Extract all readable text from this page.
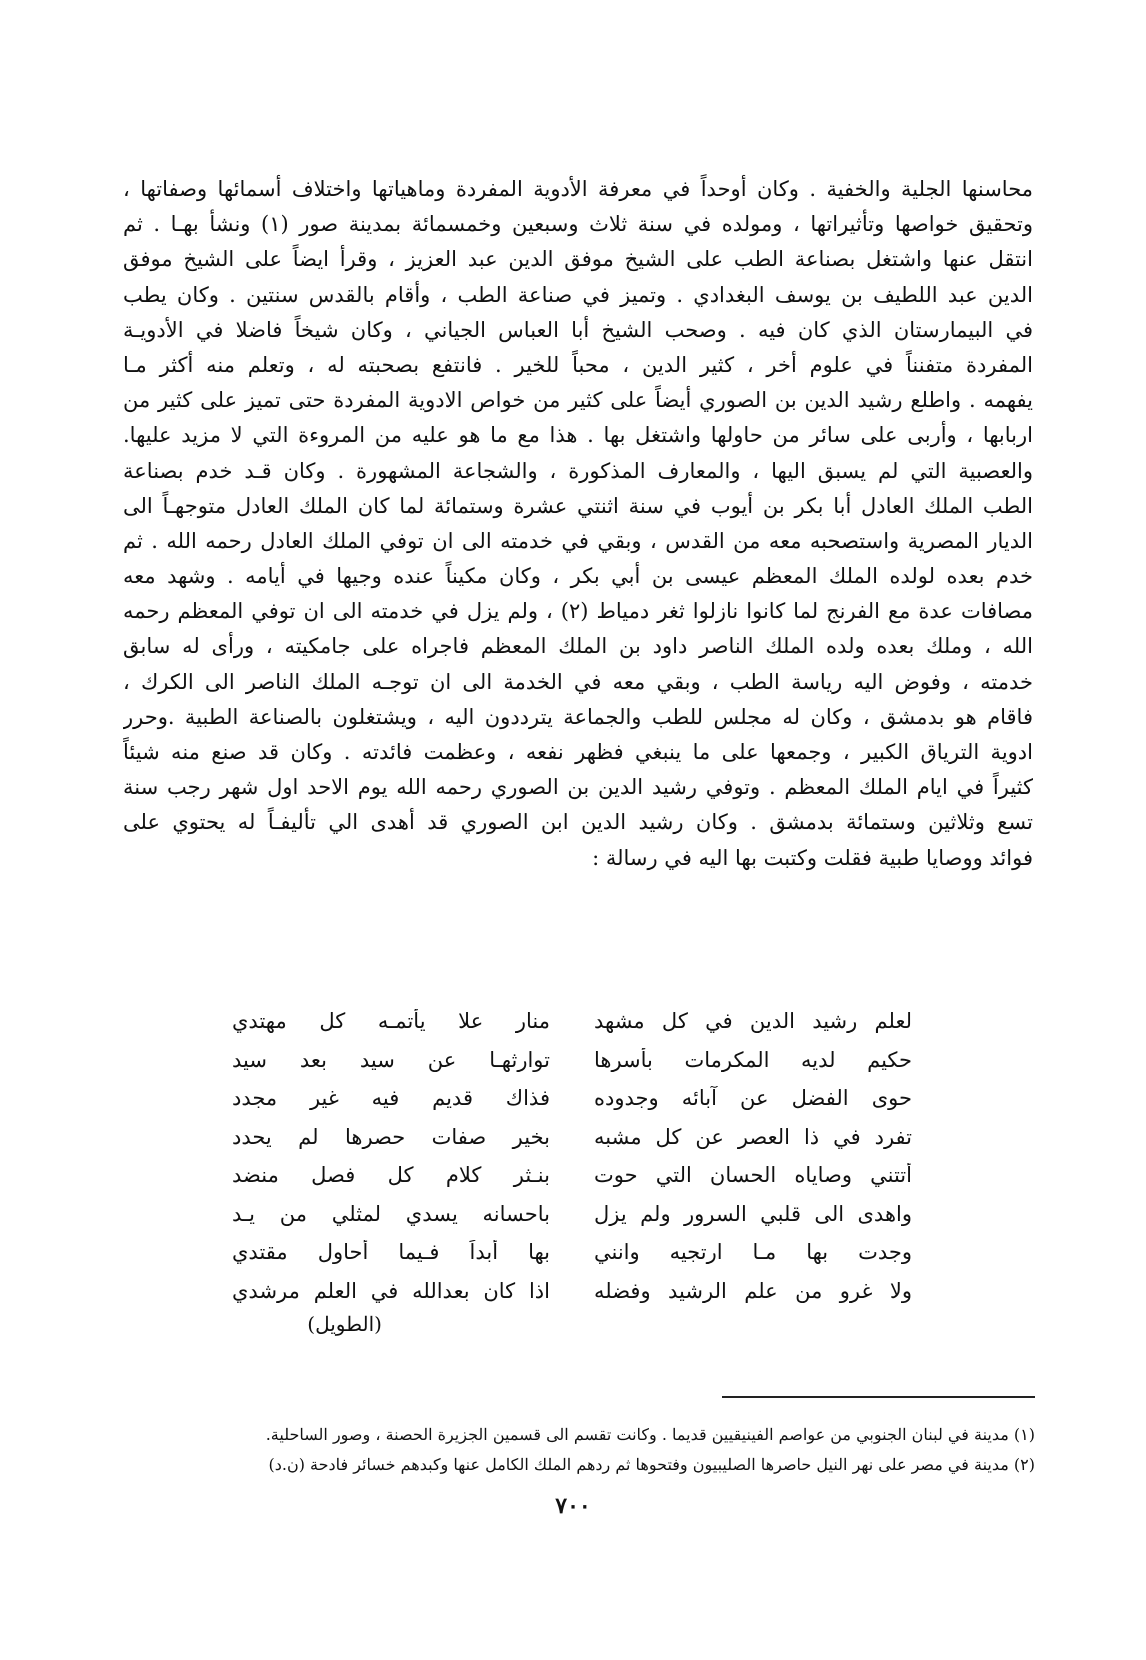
محاسنها الجلية والخفية . وكان أوحداً في معرفة الأدوية المفردة وماهياتها واختلاف أسمائها وصفاتها ،
وتحقيق خواصها وتأثيراتها ، ومولده في سنة ثلاث وسبعين وخمسمائة بمدينة صور (١) ونشأ بهـا . ثم
انتقل عنها واشتغل بصناعة الطب على الشيخ موفق الدين عبد العزيز ، وقرأ ايضاً على الشيخ موفق
الدين عبد اللطيف بن يوسف البغدادي . وتميز في صناعة الطب ، وأقام بالقدس سنتين . وكان يطب
في البيمارستان الذي كان فيه . وصحب الشيخ أبا العباس الجياني ، وكان شيخاً فاضلا في الأدويـة
المفردة متفنناً في علوم أخر ، كثير الدين ، محباً للخير . فانتفع بصحبته له ، وتعلم منه أكثر مـا
يفهمه . واطلع رشيد الدين بن الصوري أيضاً على كثير من خواص الادوية المفردة حتى تميز على كثير من
اربابها ، وأربى على سائر من حاولها واشتغل بها . هذا مع ما هو عليه من المروءة التي لا مزيد عليها.
والعصبية التي لم يسبق اليها ، والمعارف المذكورة ، والشجاعة المشهورة . وكان قـد خدم بصناعة
الطب الملك العادل أبا بكر بن أيوب في سنة اثنتي عشرة وستمائة لما كان الملك العادل متوجهـاً الى
الديار المصرية واستصحبه معه من القدس ، وبقي في خدمته الى ان توفي الملك العادل رحمه الله . ثم
خدم بعده لولده الملك المعظم عيسى بن أبي بكر ، وكان مكيناً عنده وجيها في أيامه . وشهد معه
مصافات عدة مع الفرنج لما كانوا نازلوا ثغر دمياط (٢) ، ولم يزل في خدمته الى ان توفي المعظم رحمه
الله ، وملك بعده ولده الملك الناصر داود بن الملك المعظم فاجراه على جامكيته ، ورأى له سابق
خدمته ، وفوض اليه رياسة الطب ، وبقي معه في الخدمة الى ان توجـه الملك الناصر الى الكرك ،
فاقام هو بدمشق ، وكان له مجلس للطب والجماعة يترددون اليه ، ويشتغلون بالصناعة الطبية .وحرر
ادوية الترياق الكبير ، وجمعها على ما ينبغي فظهر نفعه ، وعظمت فائدته . وكان قد صنع منه شيئاً
كثيراً في ايام الملك المعظم . وتوفي رشيد الدين بن الصوري رحمه الله يوم الاحد اول شهر رجب سنة
تسع وثلاثين وستمائة بدمشق . وكان رشيد الدين ابن الصوري قد أهدى الي تأليفـاً له يحتوي على
فوائد ووصايا طبية فقلت وكتبت بها اليه في رسالة :
لعلم رشيد الدين في كل مشهد
منار علا يأتمـه كل مهتدي
حكيم لديه المكرمات بأسرها
توارثهـا عن سيد بعد سيد
حوى الفضل عن آبائه وجدوده
فذاك قديم فيه غير مجدد
تفرد في ذا العصر عن كل مشبه
بخير صفات حصرها لم يحدد
أتتني وصاياه الحسان التي حوت
بنـثر كلام كل فصل منضد
واهدى الى قلبي السرور ولم يزل
باحسانه يسدي لمثلي من يـد
وجدت بها مـا ارتجيه وانني
بها أبداً فـيما أحاول مقتدي
ولا غرو من علم الرشيد وفضله
اذا كان بعدالله في العلم مرشدي
(الطويل)
(١) مدينة في لبنان الجنوبي من عواصم الفينيقيين قديما . وكانت تقسم الى قسمين الجزيرة الحصنة ، وصور الساحلية.
(٢) مدينة في مصر على نهر النيل حاصرها الصليبيون وفتحوها ثم ردهم الملك الكامل عنها وكبدهم خسائر فادحة (ن.د)
٧٠٠
